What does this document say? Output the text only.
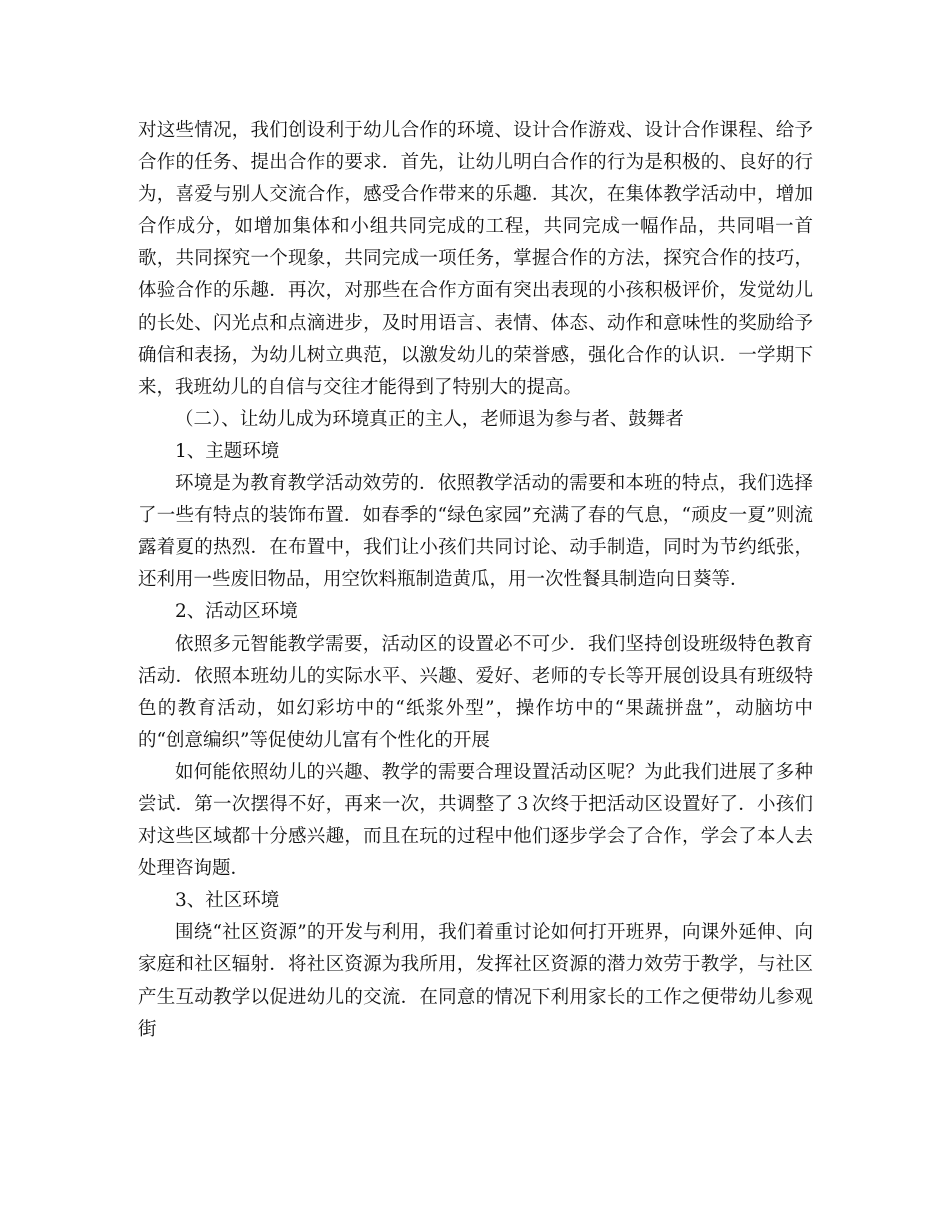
对这些情况，我们创设利于幼儿合作的环境、设计合作游戏、设计合作课程、给予合作的任务、提出合作的要求．首先，让幼儿明白合作的行为是积极的、良好的行为，喜爱与别人交流合作，感受合作带来的乐趣．其次，在集体教学活动中，增加合作成分，如增加集体和小组共同完成的工程，共同完成一幅作品，共同唱一首歌，共同探究一个现象，共同完成一项任务，掌握合作的方法，探究合作的技巧，体验合作的乐趣．再次，对那些在合作方面有突出表现的小孩积极评价，发觉幼儿的长处、闪光点和点滴进步，及时用语言、表情、体态、动作和意味性的奖励给予确信和表扬，为幼儿树立典范，以激发幼儿的荣誉感，强化合作的认识．一学期下来，我班幼儿的自信与交往才能得到了特别大的提高。

（二）、让幼儿成为环境真正的主人，老师退为参与者、鼓舞者

1、主题环境

环境是为教育教学活动效劳的．依照教学活动的需要和本班的特点，我们选择了一些有特点的装饰布置．如春季的“绿色家园”充满了春的气息，“顽皮一夏”则流露着夏的热烈．在布置中，我们让小孩们共同讨论、动手制造，同时为节约纸张，还利用一些废旧物品，用空饮料瓶制造黄瓜，用一次性餐具制造向日葵等．

2、活动区环境

依照多元智能教学需要，活动区的设置必不可少．我们坚持创设班级特色教育活动．依照本班幼儿的实际水平、兴趣、爱好、老师的专长等开展创设具有班级特色的教育活动，如幻彩坊中的“纸浆外型”，操作坊中的“果蔬拼盘”，动脑坊中的“创意编织”等促使幼儿富有个性化的开展

如何能依照幼儿的兴趣、教学的需要合理设置活动区呢？为此我们进展了多种尝试．第一次摆得不好，再来一次，共调整了３次终于把活动区设置好了．小孩们对这些区域都十分感兴趣，而且在玩的过程中他们逐步学会了合作，学会了本人去处理咨询题．

3、社区环境

围绕“社区资源”的开发与利用，我们着重讨论如何打开班界，向课外延伸、向家庭和社区辐射．将社区资源为我所用，发挥社区资源的潜力效劳于教学，与社区产生互动教学以促进幼儿的交流．在同意的情况下利用家长的工作之便带幼儿参观街
